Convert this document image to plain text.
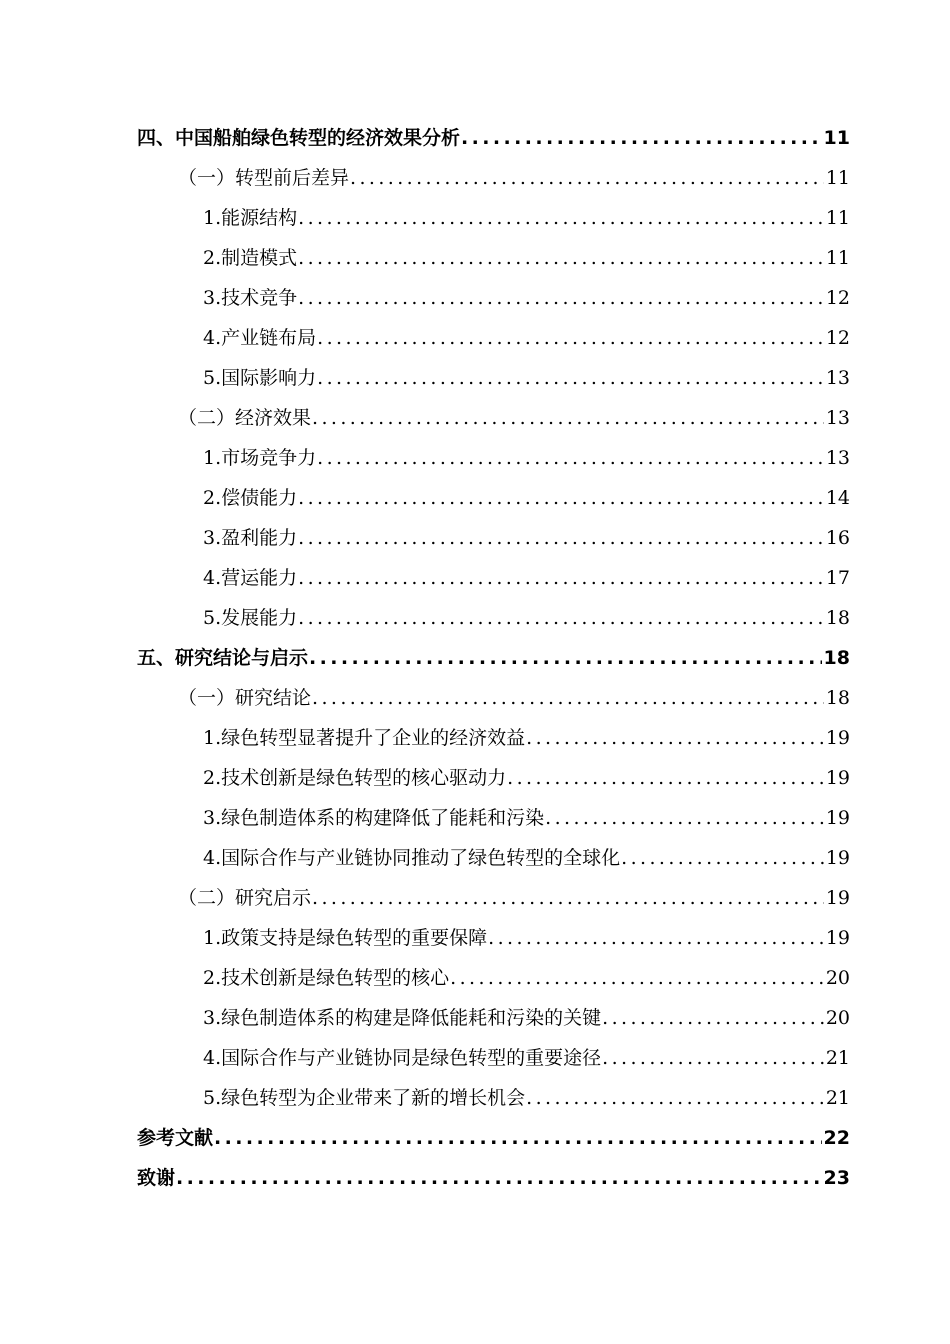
四、 中国船舶绿色转型的经济效果分析 .....	11
（一）转型前后差异 .....	11
1.能源结构 .....	11
2.制造模式 .....	11
3.技术竞争 .....	12
4.产业链布局 .....	12
5.国际影响力 .....	13
（二）经济效果 .....	13
1.市场竞争力 .....	13
2.偿债能力 .....	14
3.盈利能力 .....	16
4.营运能力 .....	17
5.发展能力 .....	18
五、 研究结论与启示 .....	18
（一）研究结论 .....	18
1.绿色转型显著提升了企业的经济效益 .....	19
2.技术创新是绿色转型的核心驱动力 .....	19
3.绿色制造体系的构建降低了能耗和污染 .....	19
4.国际合作与产业链协同推动了绿色转型的全球化 .....	19
（二）研究启示 .....	19
1.政策支持是绿色转型的重要保障 .....	19
2.技术创新是绿色转型的核心 .....	20
3.绿色制造体系的构建是降低能耗和污染的关键 .....	20
4.国际合作与产业链协同是绿色转型的重要途径 .....	21
5.绿色转型为企业带来了新的增长机会 .....	21
参考文献 .....	22
致谢 .....	23
